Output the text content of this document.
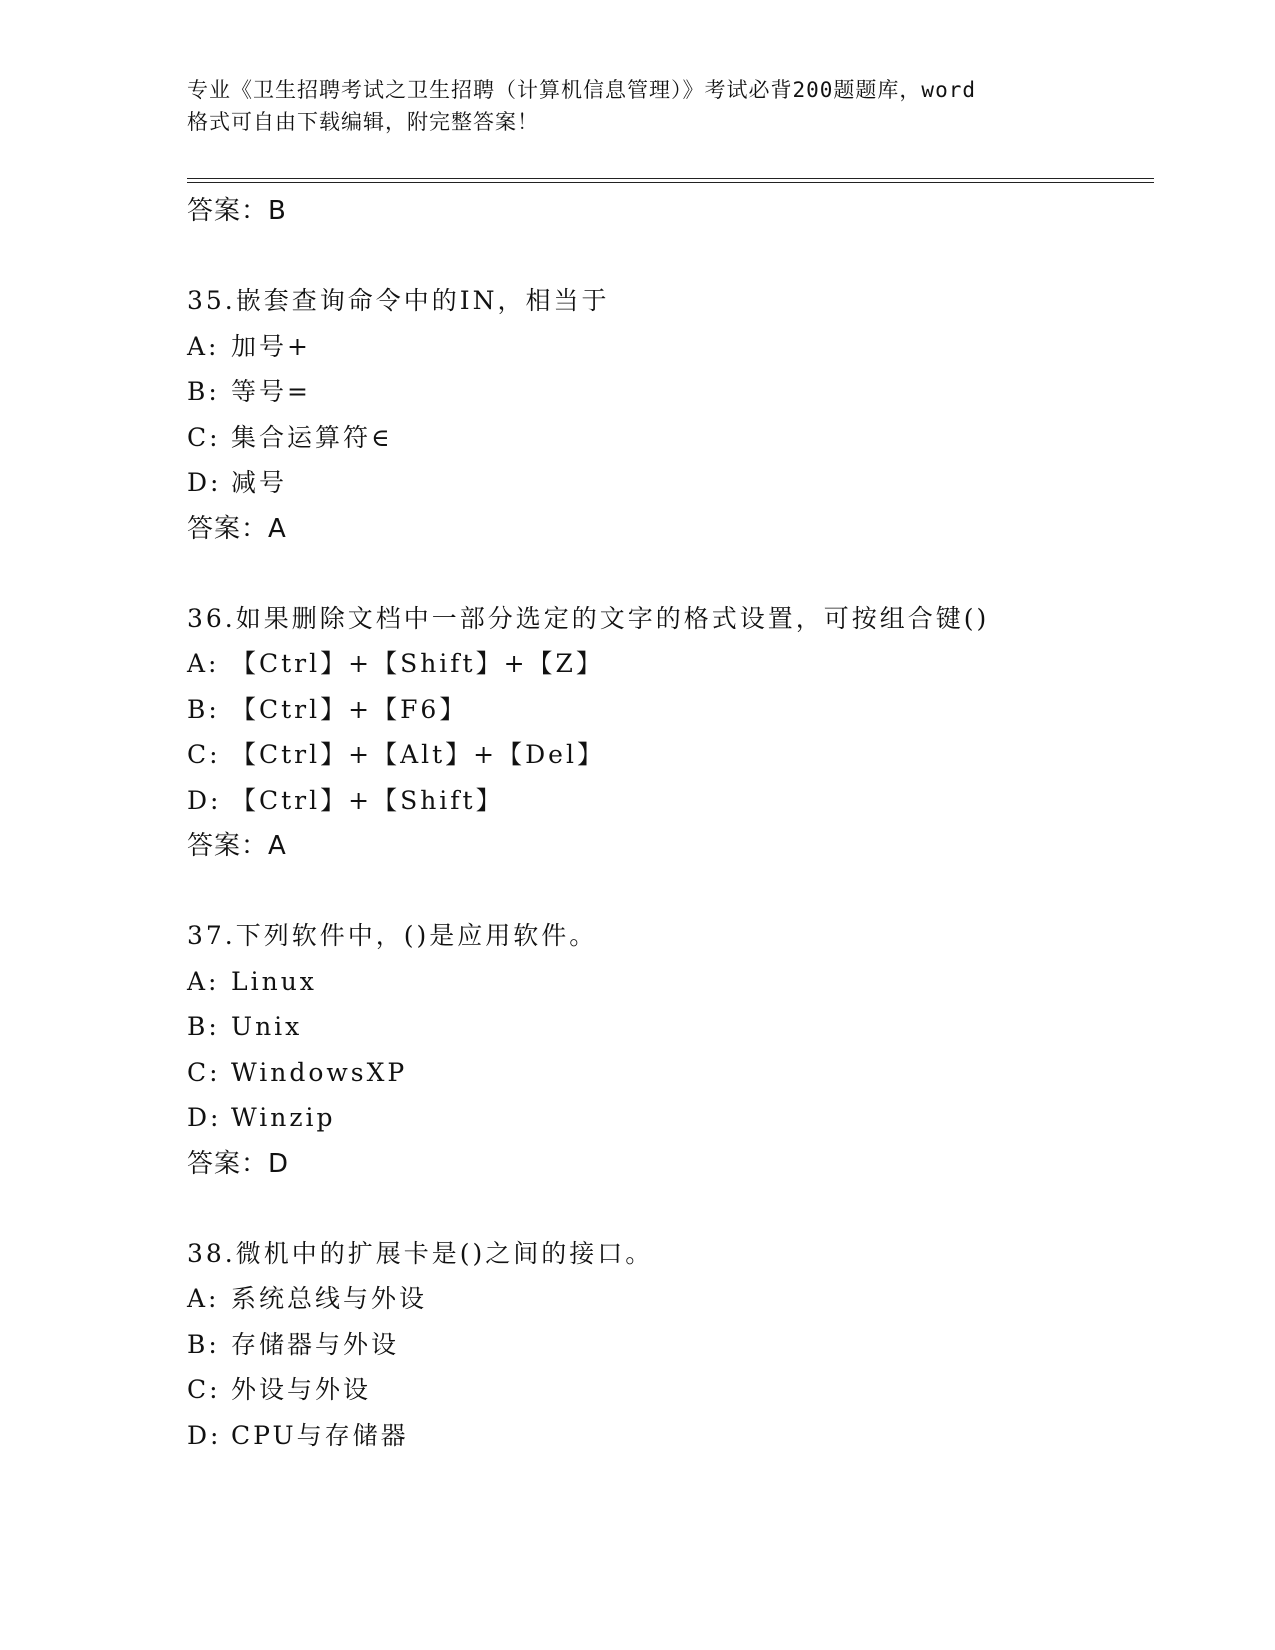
专业《卫生招聘考试之卫生招聘（计算机信息管理）》考试必背200题题库，word
格式可自由下载编辑，附完整答案！
答案：B
35.嵌套查询命令中的IN，相当于
A: 加号+
B: 等号=
C: 集合运算符∈
D: 减号
答案：A
36.如果删除文档中一部分选定的文字的格式设置，可按组合键()
A: 【Ctrl】+【Shift】+【Z】
B: 【Ctrl】+【F6】
C: 【Ctrl】+【Alt】+【Del】
D: 【Ctrl】+【Shift】
答案：A
37.下列软件中，()是应用软件。
A: Linux
B: Unix
C: WindowsXP
D: Winzip
答案：D
38.微机中的扩展卡是()之间的接口。
A: 系统总线与外设
B: 存储器与外设
C: 外设与外设
D: CPU与存储器
